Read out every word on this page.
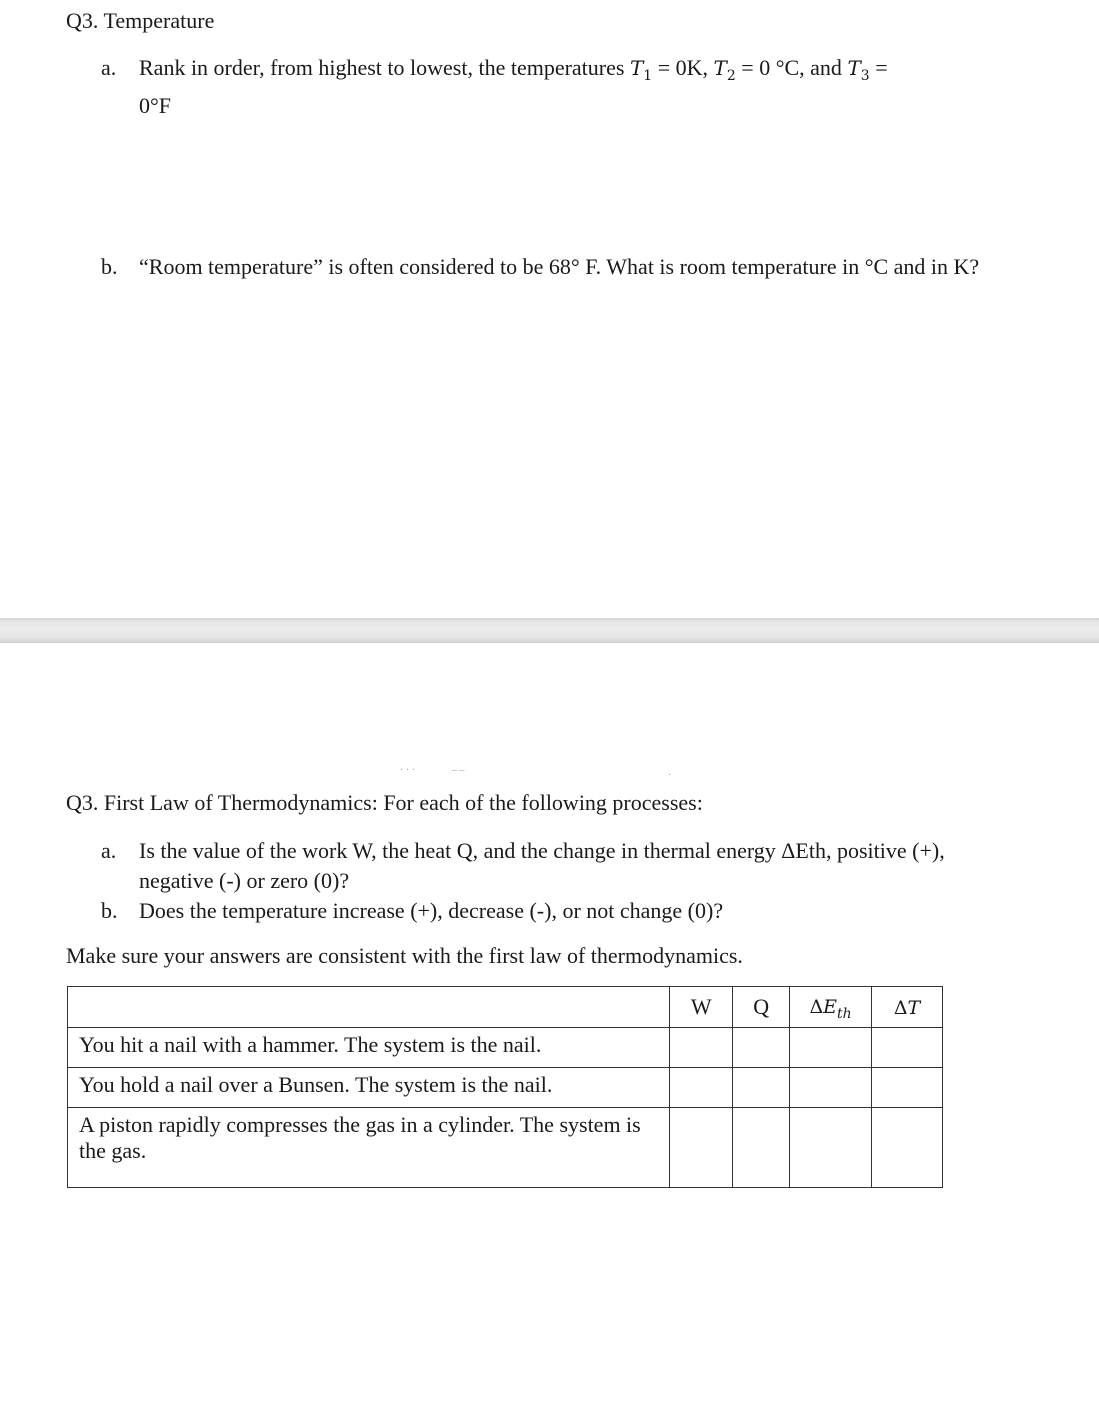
Q3. Temperature
a.	Rank in order, from highest to lowest, the temperatures $T_1 = 0K$, $T_2 = 0$ °C, and $T_3$ =
0°F
b. “Room temperature” is often considered to be 68° F. What is room temperature in °C and in K?
· · ·	– –	·
Q3. First Law of Thermodynamics: For each of the following processes:
a.	Is the value of the work W, the heat Q, and the change in thermal energy ΔEth, positive (+), negative (-) or zero (0)?
b. Does the temperature increase (+), decrease (-), or not change (0)?
Make sure your answers are consistent with the first law of thermodynamics.
	W	Q	$\Delta E_{th}$	ΔT
You hit a nail with a hammer. The system is the nail.				
You hold a nail over a Bunsen. The system is the nail.				
A piston rapidly compresses the gas in a cylinder. The system is the gas.				
